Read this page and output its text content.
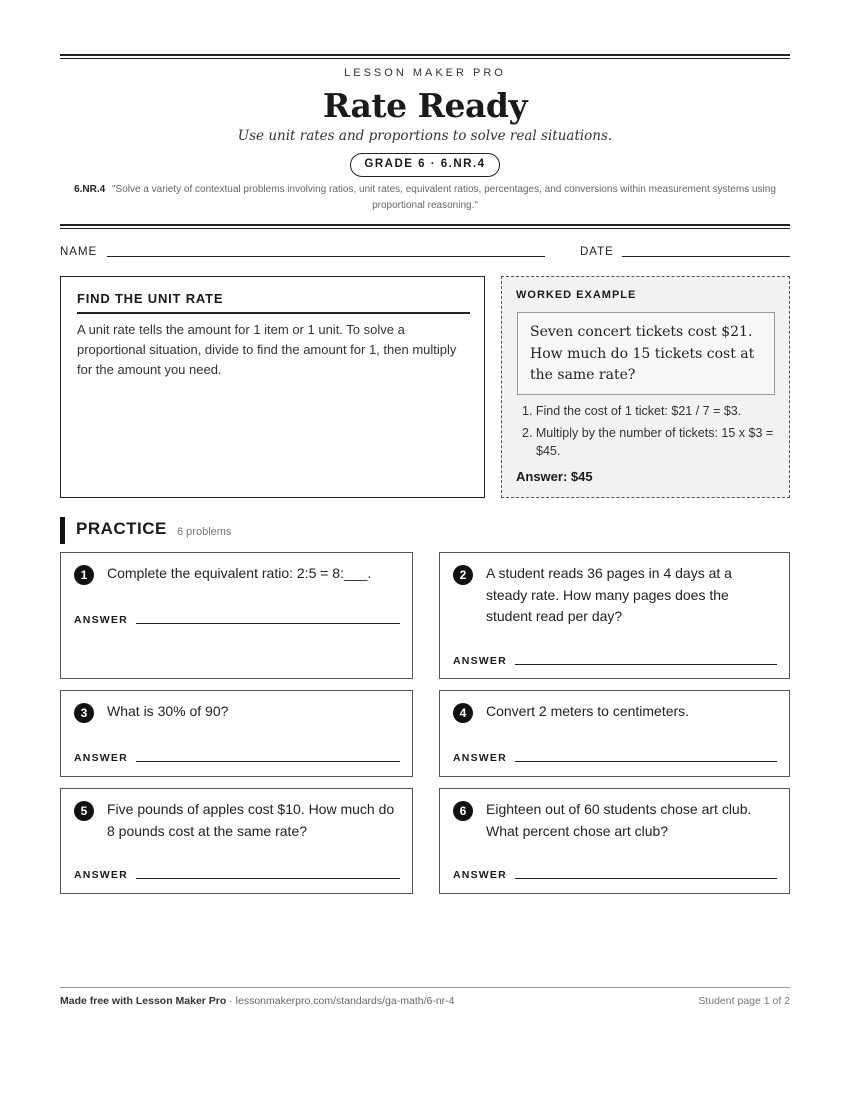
LESSON MAKER PRO
Rate Ready
Use unit rates and proportions to solve real situations.
GRADE 6 · 6.NR.4
6.NR.4 "Solve a variety of contextual problems involving ratios, unit rates, equivalent ratios, percentages, and conversions within measurement systems using proportional reasoning."
NAME	DATE
FIND THE UNIT RATE
A unit rate tells the amount for 1 item or 1 unit. To solve a proportional situation, divide to find the amount for 1, then multiply for the amount you need.
WORKED EXAMPLE
Seven concert tickets cost $21. How much do 15 tickets cost at the same rate?
1. Find the cost of 1 ticket: $21 / 7 = $3.
2. Multiply by the number of tickets: 15 x $3 = $45.
Answer: $45
PRACTICE 6 problems
1	Complete the equivalent ratio: 2:5 = 8:___.
ANSWER
2	A student reads 36 pages in 4 days at a steady rate. How many pages does the student read per day?
ANSWER
3	What is 30% of 90?
ANSWER
4	Convert 2 meters to centimeters.
ANSWER
5	Five pounds of apples cost $10. How much do 8 pounds cost at the same rate?
ANSWER
6	Eighteen out of 60 students chose art club. What percent chose art club?
ANSWER
Made free with Lesson Maker Pro · lessonmakerpro.com/standards/ga-math/6-nr-4	Student page 1 of 2
